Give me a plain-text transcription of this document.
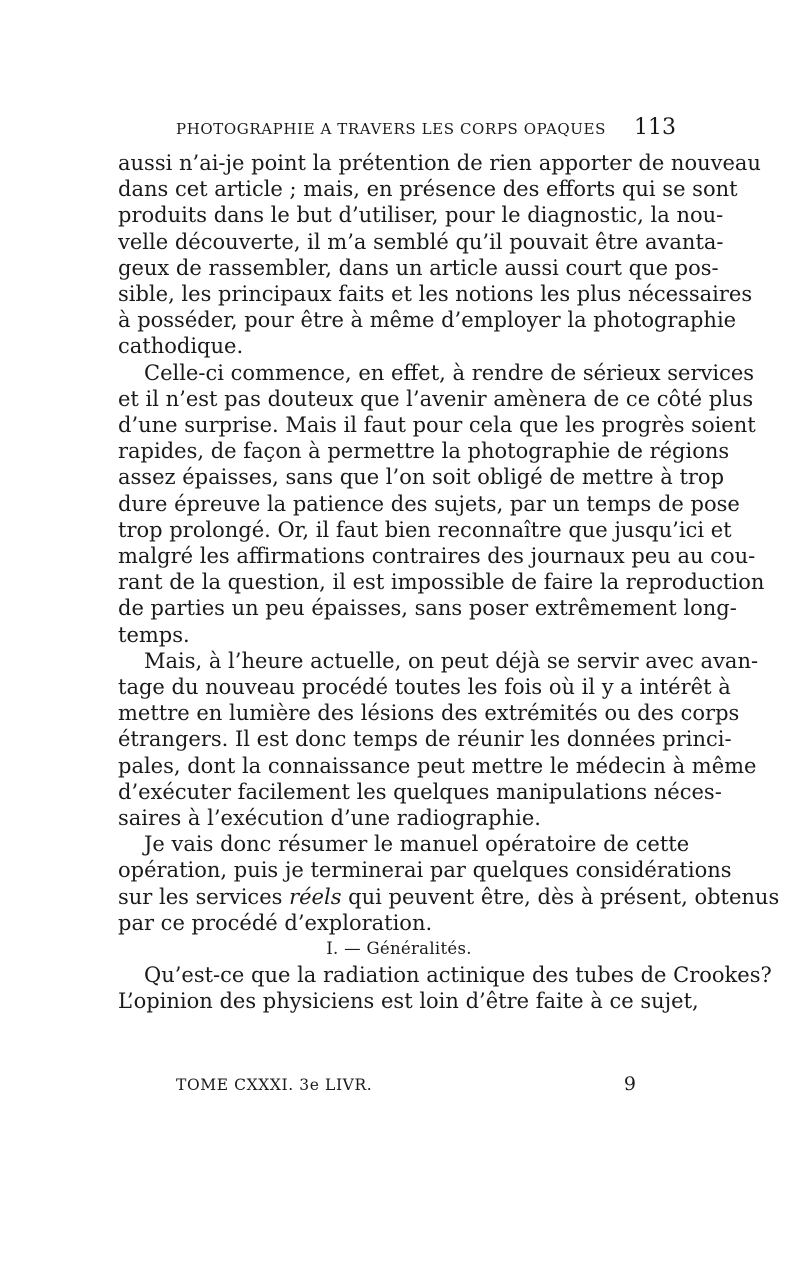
PHOTOGRAPHIE A TRAVERS LES CORPS OPAQUES 113
aussi n’ai-je point la prétention de rien apporter de nouveau
dans cet article ; mais, en présence des efforts qui se sont
produits dans le but d’utiliser, pour le diagnostic, la nou-
velle découverte, il m’a semblé qu’il pouvait être avanta-
geux de rassembler, dans un article aussi court que pos-
sible, les principaux faits et les notions les plus nécessaires
à posséder, pour être à même d’employer la photographie
cathodique.
Celle-ci commence, en effet, à rendre de sérieux services
et il n’est pas douteux que l’avenir amènera de ce côté plus
d’une surprise. Mais il faut pour cela que les progrès soient
rapides, de façon à permettre la photographie de régions
assez épaisses, sans que l’on soit obligé de mettre à trop
dure épreuve la patience des sujets, par un temps de pose
trop prolongé. Or, il faut bien reconnaître que jusqu’ici et
malgré les affirmations contraires des journaux peu au cou-
rant de la question, il est impossible de faire la reproduction
de parties un peu épaisses, sans poser extrêmement long-
temps.
Mais, à l’heure actuelle, on peut déjà se servir avec avan-
tage du nouveau procédé toutes les fois où il y a intérêt à
mettre en lumière des lésions des extrémités ou des corps
étrangers. Il est donc temps de réunir les données princi-
pales, dont la connaissance peut mettre le médecin à même
d’exécuter facilement les quelques manipulations néces-
saires à l’exécution d’une radiographie.
Je vais donc résumer le manuel opératoire de cette
opération, puis je terminerai par quelques considérations
sur les services réels qui peuvent être, dès à présent, obtenus
par ce procédé d’exploration.
I. — Généralités.
Qu’est-ce que la radiation actinique des tubes de Crookes?
L’opinion des physiciens est loin d’être faite à ce sujet,
TOME CXXXI. 3e LIVR.	9
